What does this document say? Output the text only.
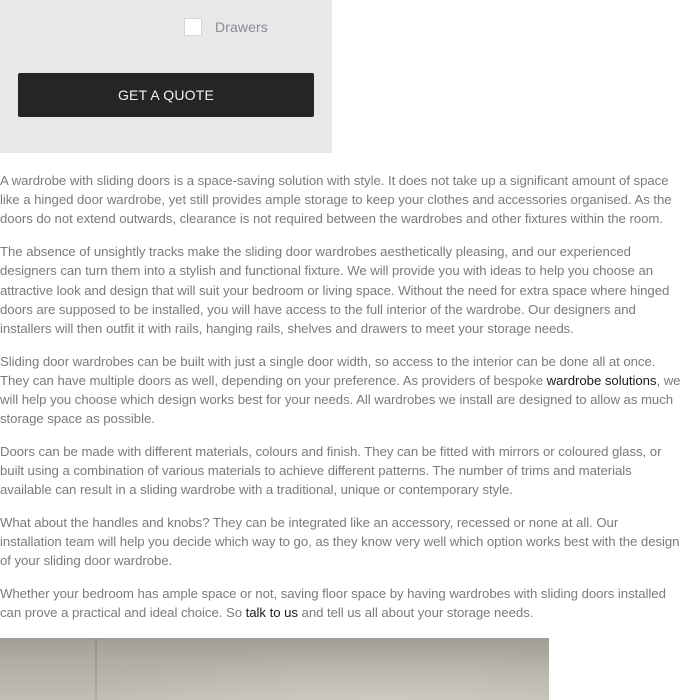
Drawers
GET A QUOTE

A wardrobe with sliding doors is a space-saving solution with style. It does not take up a significant amount of space like a hinged door wardrobe, yet still provides ample storage to keep your clothes and accessories organised. As the doors do not extend outwards, clearance is not required between the wardrobes and other fixtures within the room.

The absence of unsightly tracks make the sliding door wardrobes aesthetically pleasing, and our experienced designers can turn them into a stylish and functional fixture. We will provide you with ideas to help you choose an attractive look and design that will suit your bedroom or living space. Without the need for extra space where hinged doors are supposed to be installed, you will have access to the full interior of the wardrobe. Our designers and installers will then outfit it with rails, hanging rails, shelves and drawers to meet your storage needs.

Sliding door wardrobes can be built with just a single door width, so access to the interior can be done all at once. They can have multiple doors as well, depending on your preference. As providers of bespoke wardrobe solutions, we will help you choose which design works best for your needs. All wardrobes we install are designed to allow as much storage space as possible.

Doors can be made with different materials, colours and finish. They can be fitted with mirrors or coloured glass, or built using a combination of various materials to achieve different patterns. The number of trims and materials available can result in a sliding wardrobe with a traditional, unique or contemporary style.

What about the handles and knobs? They can be integrated like an accessory, recessed or none at all. Our installation team will help you decide which way to go, as they know very well which option works best with the design of your sliding door wardrobe.

Whether your bedroom has ample space or not, saving floor space by having wardrobes with sliding doors installed can prove a practical and ideal choice. So talk to us and tell us all about your storage needs.
